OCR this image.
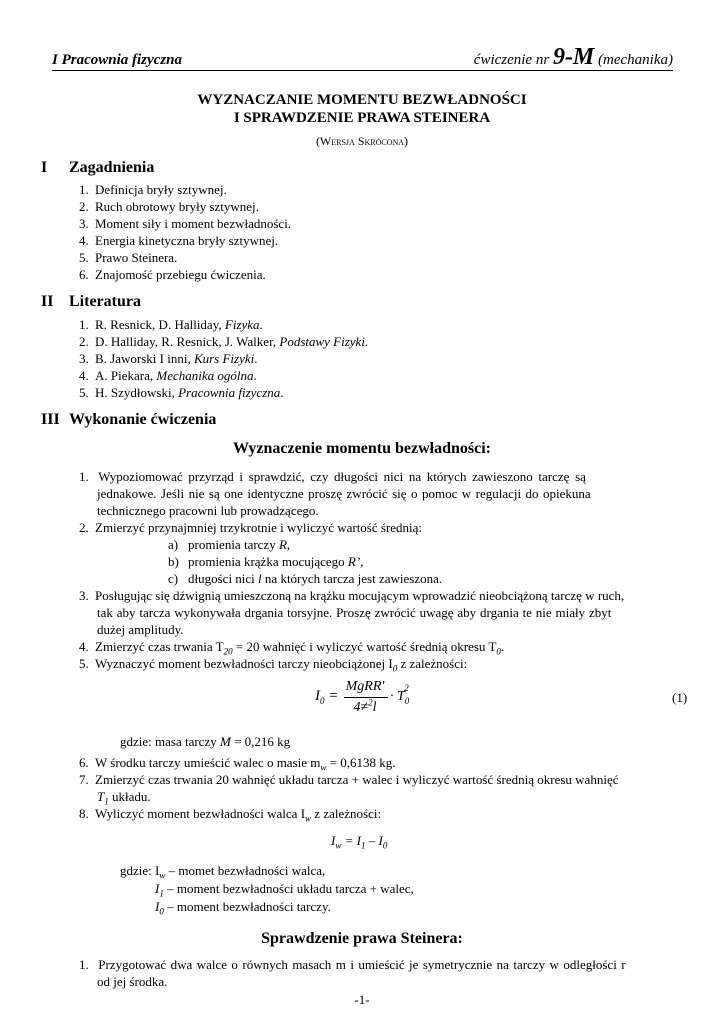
I Pracownia fizyczna	ćwiczenie nr 9-M (mechanika)
WYZNACZANIE MOMENTU BEZWŁADNOŚCI
I SPRAWDZENIE PRAWA STEINERA
(Wersja Skrócona)
I Zagadnienia
1. Definicja bryły sztywnej.
2. Ruch obrotowy bryły sztywnej.
3. Moment siły i moment bezwładności.
4. Energia kinetyczna bryły sztywnej.
5. Prawo Steinera.
6. Znajomość przebiegu ćwiczenia.
II Literatura
1. R. Resnick, D. Halliday, Fizyka.
2. D. Halliday, R. Resnick, J. Walker, Podstawy Fizyki.
3. B. Jaworski I inni, Kurs Fizyki.
4. A. Piekara, Mechanika ogólna.
5. H. Szydłowski, Pracownia fizyczna.
III Wykonanie ćwiczenia
Wyznaczenie momentu bezwładności:
1. Wypoziomować przyrząd i sprawdzić, czy długości nici na których zawieszono tarczę są
jednakowe. Jeśli nie są one identyczne proszę zwrócić się o pomoc w regulacji do opiekuna
technicznego pracowni lub prowadzącego.
2. Zmierzyć przynajmniej trzykrotnie i wyliczyć wartość średnią:
a) promienia tarczy R,
b) promienia krążka mocującego R’,
c) długości nici l na których tarcza jest zawieszona.
3. Posługując się dźwignią umieszczoną na krążku mocującym wprowadzić nieobciążoną tarczę w ruch,
tak aby tarcza wykonywała drgania torsyjne. Proszę zwrócić uwagę aby drgania te nie miały zbyt
dużej amplitudy.
4. Zmierzyć czas trwania $T_{20} = 20$ wahnięć i wyliczyć wartość średnią okresu $T_0$.
5. Wyznaczyć moment bezwładności tarczy nieobciążonej $I_0$ z zależności:
$I_0$ =
MgRR'
4≠$^2$l
· $T_0^2$
(1)
gdzie: masa tarczy M = 0,216 kg
6. W środku tarczy umieścić walec o masie $m_w = 0,6138$ kg.
7. Zmierzyć czas trwania 20 wahnięć układu tarcza + walec i wyliczyć wartość średnią okresu wahnięć
$T_1$ układu.
8. Wyliczyć moment bezwładności walca $I_w$ z zależności:
$I_w = I_1 - I_0$
gdzie: $I_w$ – momet bezwładności walca,
$I_1$ – moment bezwładności układu tarcza + walec,
$I_0$ – moment bezwładności tarczy.
Sprawdzenie prawa Steinera:
1. Przygotować dwa walce o równych masach m i umieścić je symetrycznie na tarczy w odległości r
od jej środka.
-1-
